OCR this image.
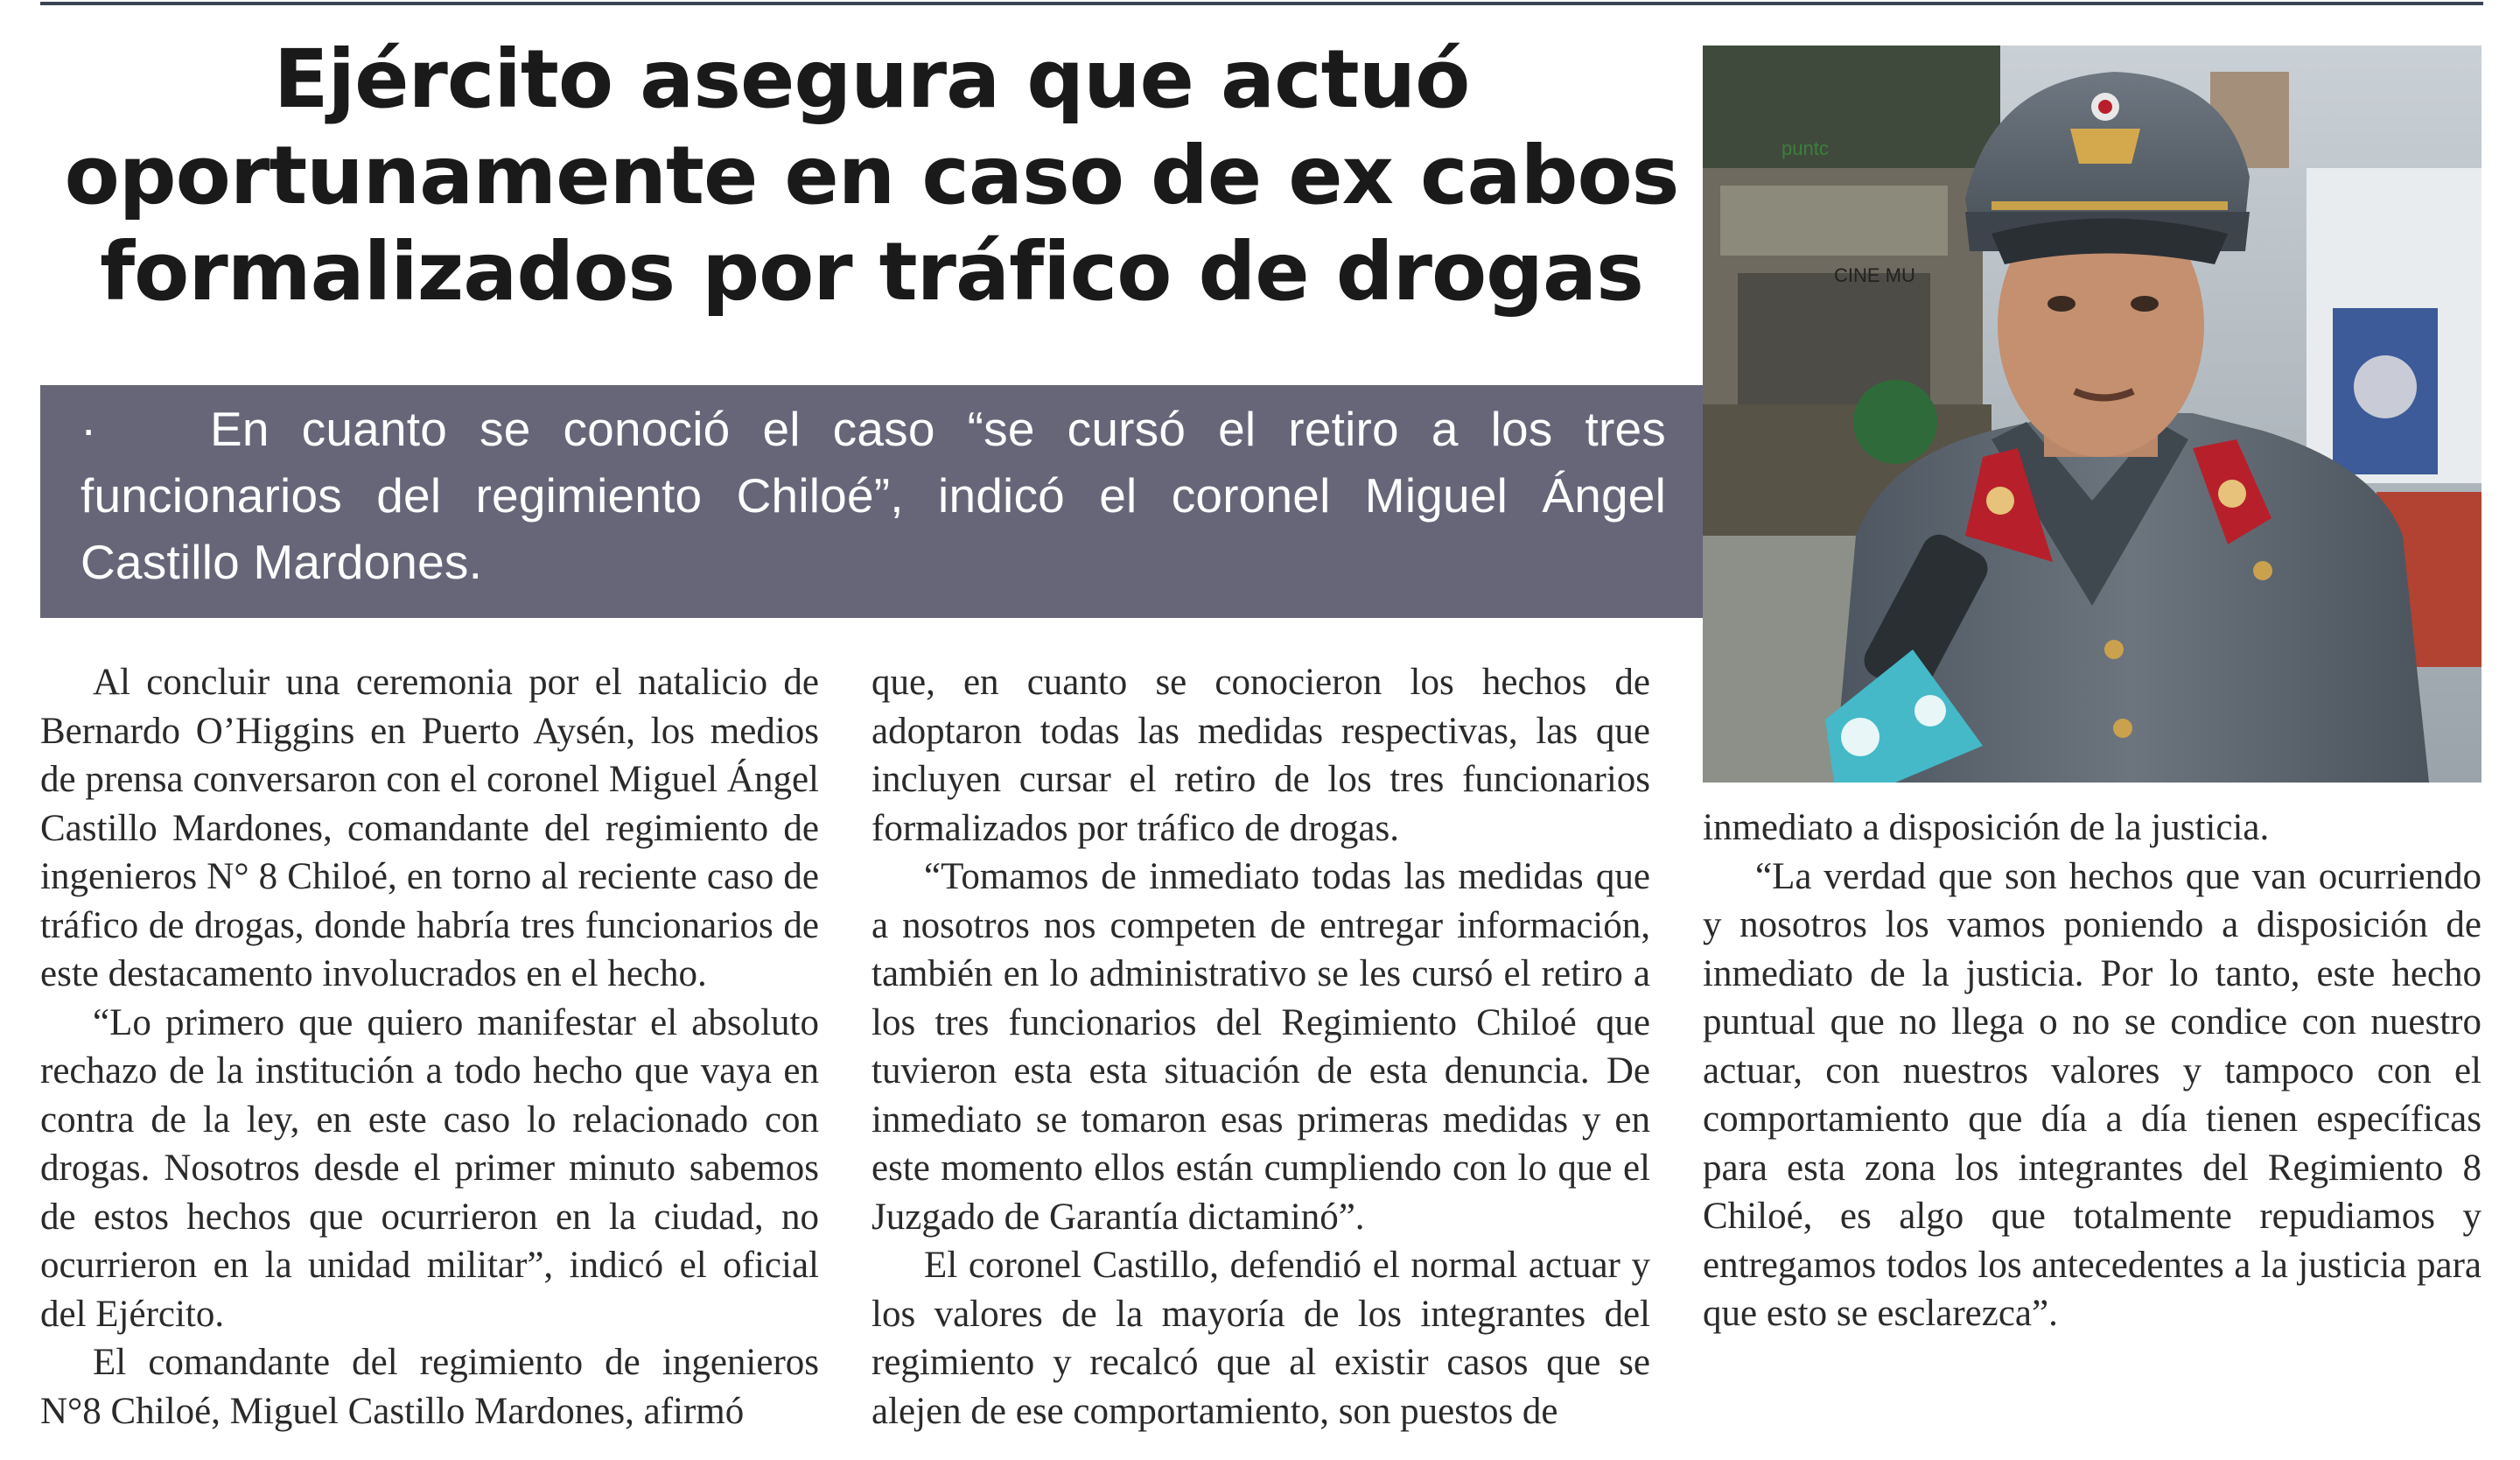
Ejército asegura que actuó
oportunamente en caso de ex cabos
formalizados por tráfico de drogas

· En cuanto se conoció el caso “se cursó el retiro a los tres funcionarios del regimiento Chiloé”, indicó el coronel Miguel Ángel Castillo Mardones.

CINE MU
puntc

Al concluir una ceremonia por el natalicio de Bernardo O’Higgins en Puerto Aysén, los medios de prensa conversaron con el coronel Miguel Ángel Castillo Mardones, comandante del regimiento de ingenieros N° 8 Chiloé, en torno al reciente caso de tráfico de drogas, donde habría tres funcionarios de este destacamento involucrados en el hecho.

“Lo primero que quiero manifestar el absoluto rechazo de la institución a todo hecho que vaya en contra de la ley, en este caso lo relacionado con drogas. Nosotros desde el primer minuto sabemos de estos hechos que ocurrieron en la ciudad, no ocurrieron en la unidad militar”, indicó el oficial del Ejército.

El comandante del regimiento de ingenieros N°8 Chiloé, Miguel Castillo Mardones, afirmó

que, en cuanto se conocieron los hechos de adoptaron todas las medidas respectivas, las que incluyen cursar el retiro de los tres funcionarios formalizados por tráfico de drogas.

“Tomamos de inmediato todas las medidas que a nosotros nos competen de entregar información, también en lo administrativo se les cursó el retiro a los tres funcionarios del Regimiento Chiloé que tuvieron esta esta situación de esta denuncia. De inmediato se tomaron esas primeras medidas y en este momento ellos están cumpliendo con lo que el Juzgado de Garantía dictaminó”.

El coronel Castillo, defendió el normal actuar y los valores de la mayoría de los integrantes del regimiento y recalcó que al existir casos que se alejen de ese comportamiento, son puestos de

inmediato a disposición de la justicia.

“La verdad que son hechos que van ocurriendo y nosotros los vamos poniendo a disposición de inmediato de la justicia. Por lo tanto, este hecho puntual que no llega o no se condice con nuestro actuar, con nuestros valores y tampoco con el comportamiento que día a día tienen específicas para esta zona los integrantes del Regimiento 8 Chiloé, es algo que totalmente repudiamos y entregamos todos los antecedentes a la justicia para que esto se esclarezca”.
